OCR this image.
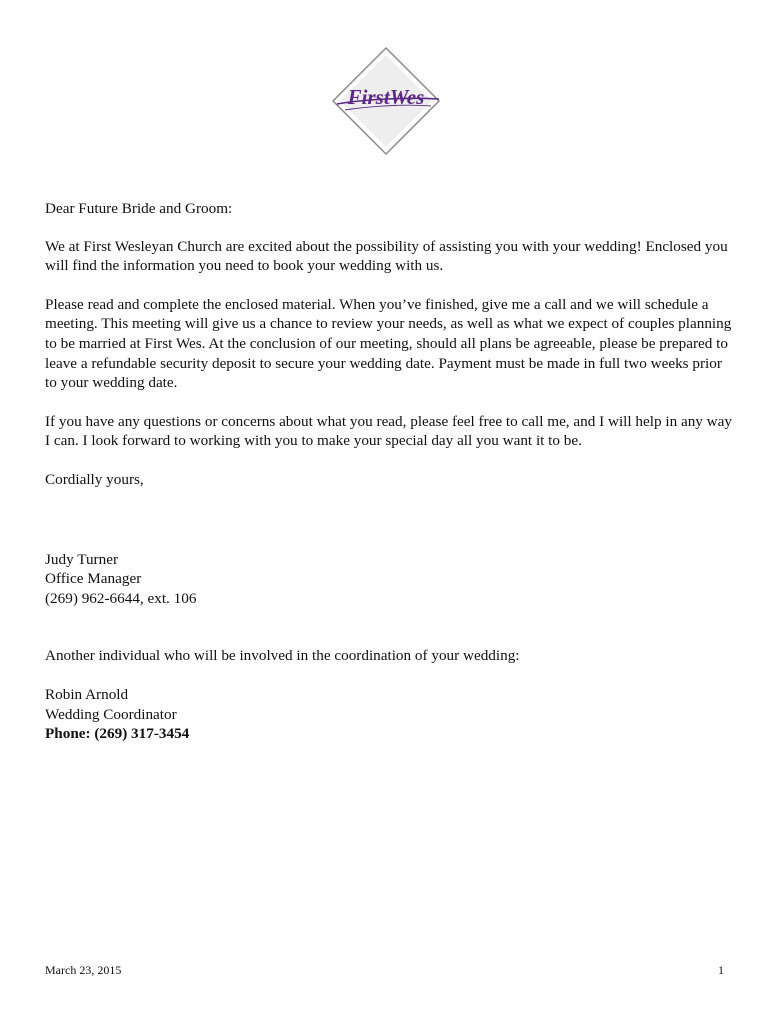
FirstWes

Dear Future Bride and Groom:

We at First Wesleyan Church are excited about the possibility of assisting you with your wedding! Enclosed you will find the information you need to book your wedding with us.

Please read and complete the enclosed material. When you’ve finished, give me a call and we will schedule a meeting. This meeting will give us a chance to review your needs, as well as what we expect of couples planning to be married at First Wes. At the conclusion of our meeting, should all plans be agreeable, please be prepared to leave a refundable security deposit to secure your wedding date. Payment must be made in full two weeks prior to your wedding date.

If you have any questions or concerns about what you read, please feel free to call me, and I will help in any way I can. I look forward to working with you to make your special day all you want it to be.

Cordially yours,

Judy Turner

Office Manager

(269) 962-6644, ext. 106

Another individual who will be involved in the coordination of your wedding:

Robin Arnold

Wedding Coordinator

Phone: (269) 317-3454

March 23, 2015	1
